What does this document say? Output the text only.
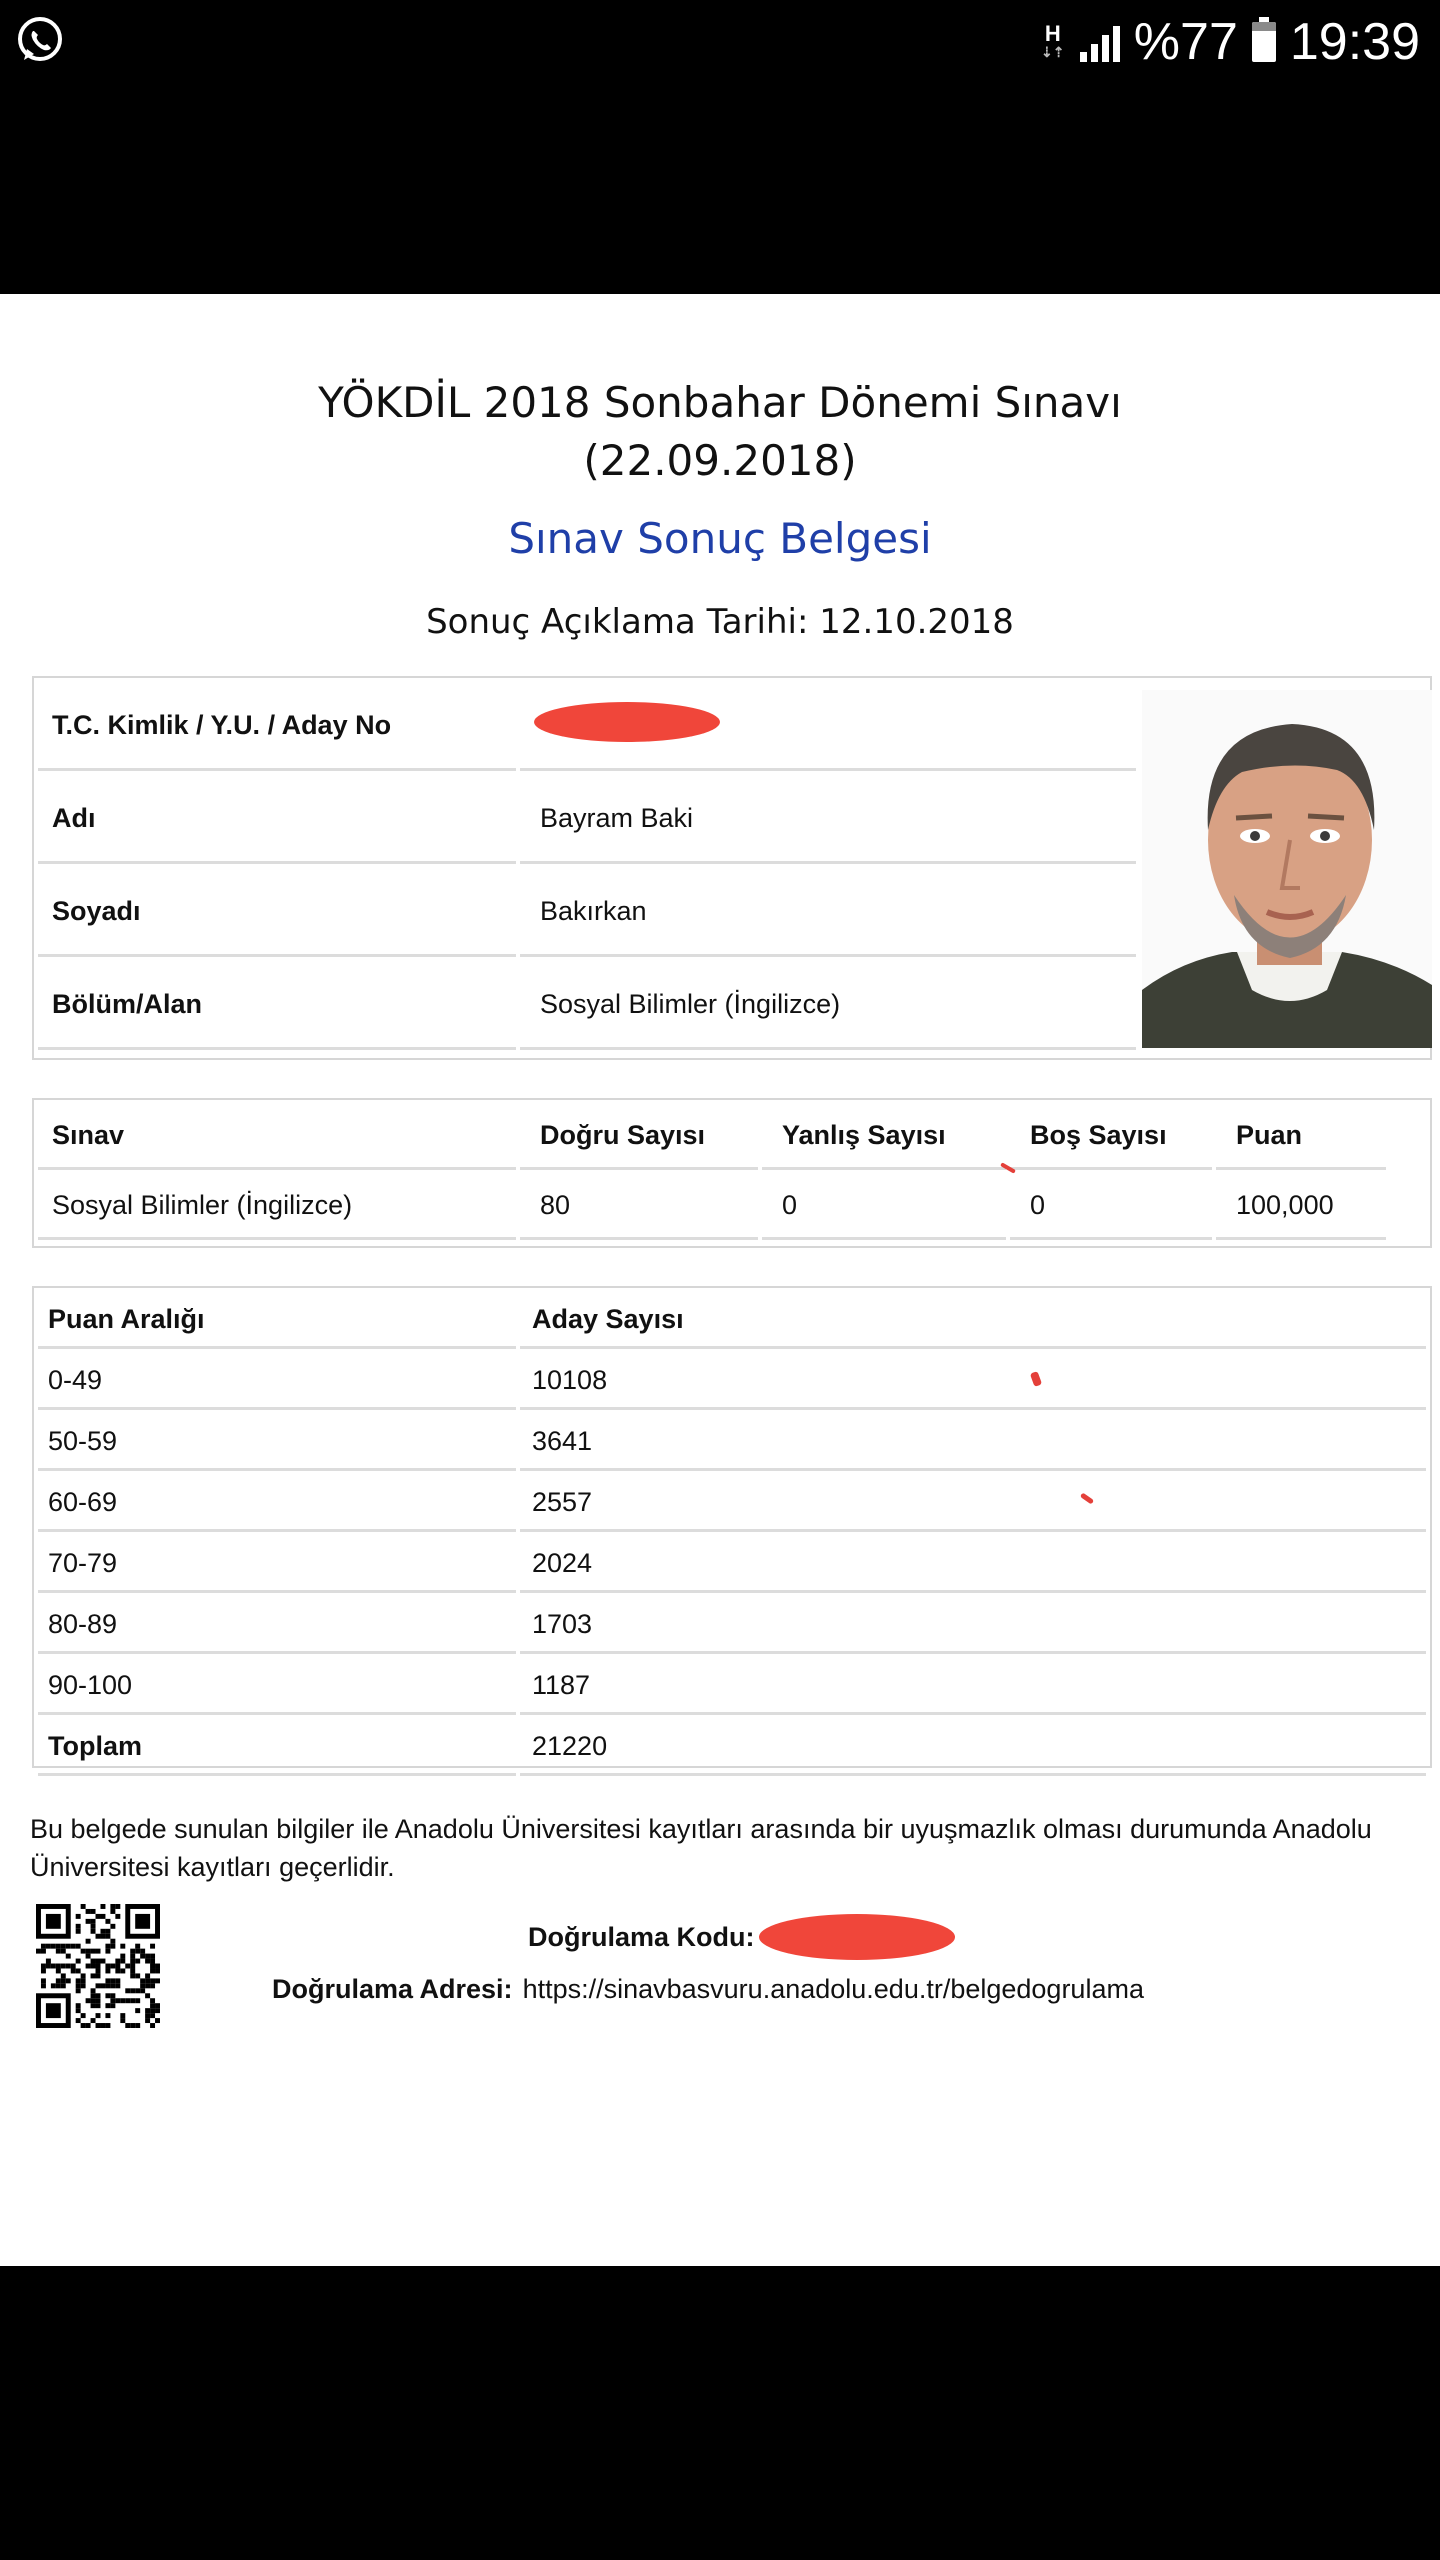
H
⇣⇡ %77 19:39
YÖKDİL 2018 Sonbahar Dönemi Sınavı
(22.09.2018)
Sınav Sonuç Belgesi
Sonuç Açıklama Tarihi: 12.10.2018
T.C. Kimlik / Y.U. / Aday No	
Adı	Bayram Baki
Soyadı	Bakırkan
Bölüm/Alan	Sosyal Bilimler (İngilizce)
Sınav	Doğru Sayısı	Yanlış Sayısı	Boş Sayısı	Puan
Sosyal Bilimler (İngilizce)	80	0	0	100,000
Puan Aralığı	Aday Sayısı
0-49	10108
50-59	3641
60-69	2557
70-79	2024
80-89	1703
90-100	1187
Toplam	21220
Bu belgede sunulan bilgiler ile Anadolu Üniversitesi kayıtları arasında bir uyuşmazlık olması durumunda Anadolu Üniversitesi kayıtları geçerlidir.
Doğrulama Kodu:
Doğrulama Adresi: https://sinavbasvuru.anadolu.edu.tr/belgedogrulama
